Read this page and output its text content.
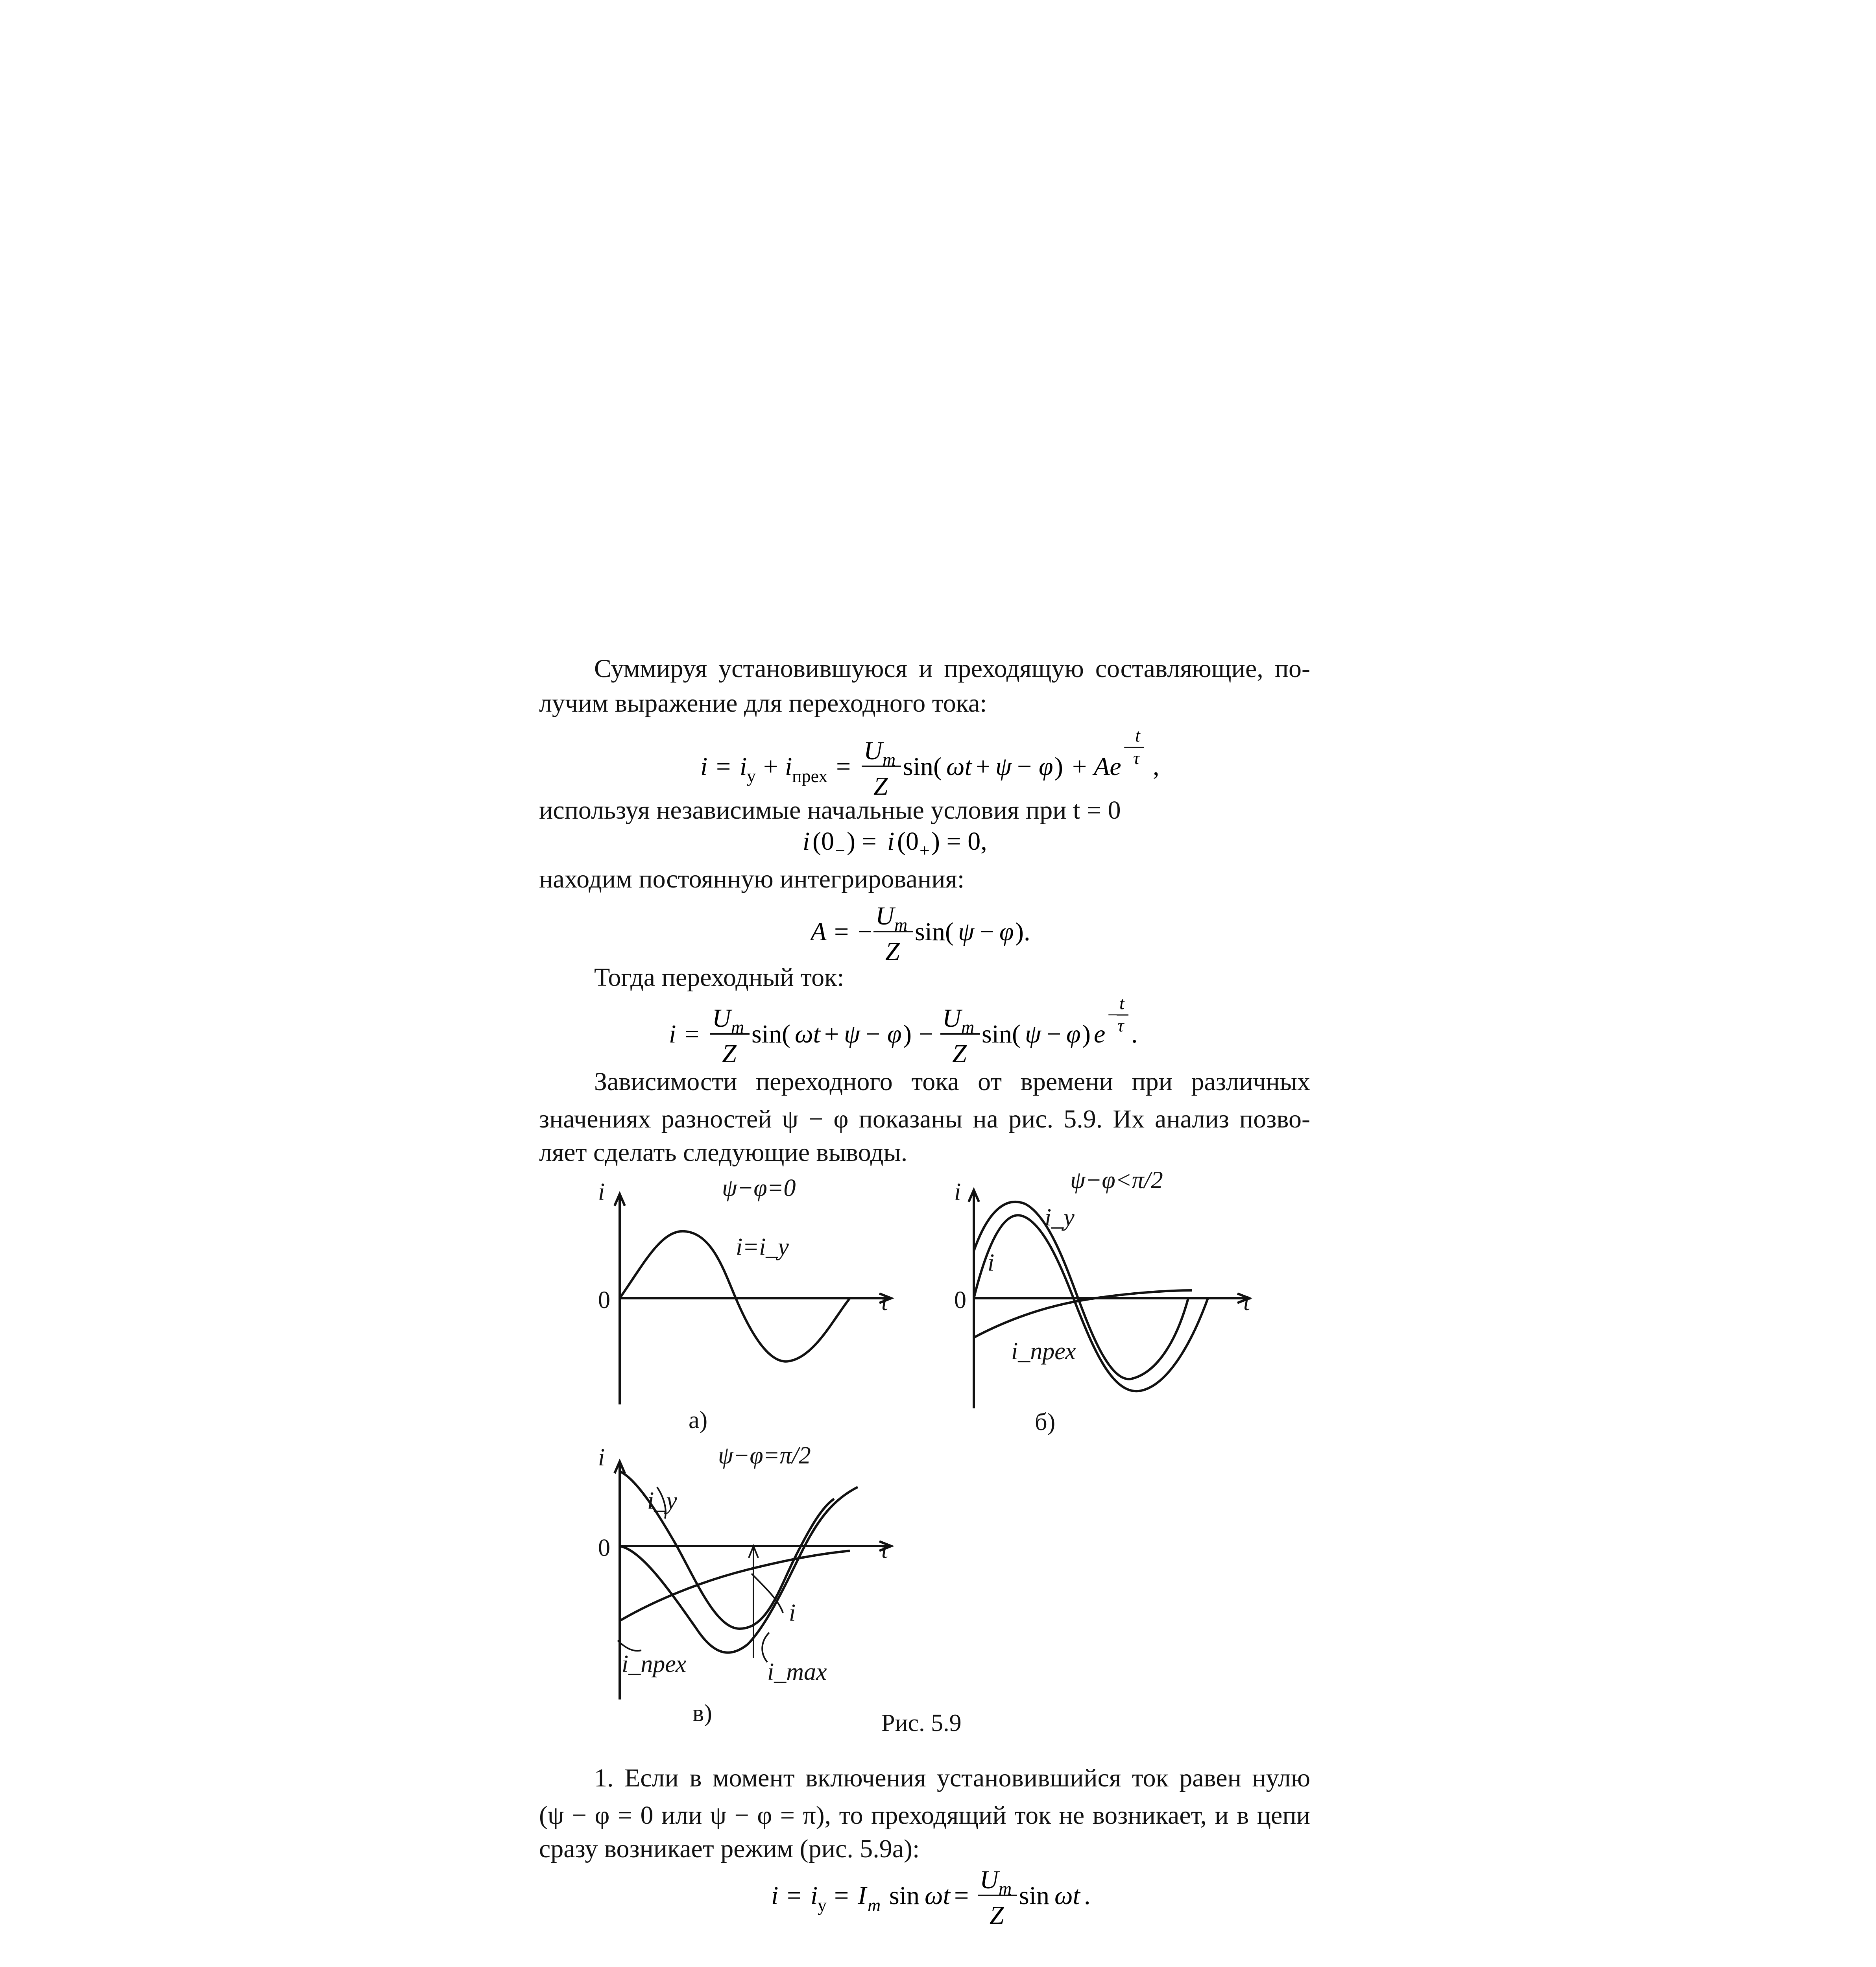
Суммируя установившуюся и преходящую составляющие, по-
лучим выражение для переходного тока:
i = i у + i прех =
U m
Z
sin( ωt + ψ − φ ) + Ae
−
t
τ ,
используя независимые начальные условия при t = 0
i (0 − ) = i (0 + ) = 0,
находим постоянную интегрирования:
A = −
U m
Z
sin( ψ − φ ).
Тогда переходный ток:
i =
U m
Z
sin( ωt + ψ − φ ) −
U m
Z
sin( ψ − φ ) e
−
t
τ .
Зависимости переходного тока от времени при различных
значениях разностей ψ − φ показаны на рис. 5.9. Их анализ позво-
ляет сделать следующие выводы.
i
0	t
ψ−φ=0
i=i_у
а)
i
0	t
ψ−φ<π/2
i_у
i
i_прех
б)
i
0	t
ψ−φ=π/2
i_у
i
i_прех	i_max
в)	Рис. 5.9
1. Если в момент включения установившийся ток равен нулю
(ψ − φ = 0 или ψ − φ = π), то преходящий ток не возникает, и в цепи
сразу возникает режим (рис. 5.9а):
i = i у = I m sin ωt =
U m
Z
sin ωt .
